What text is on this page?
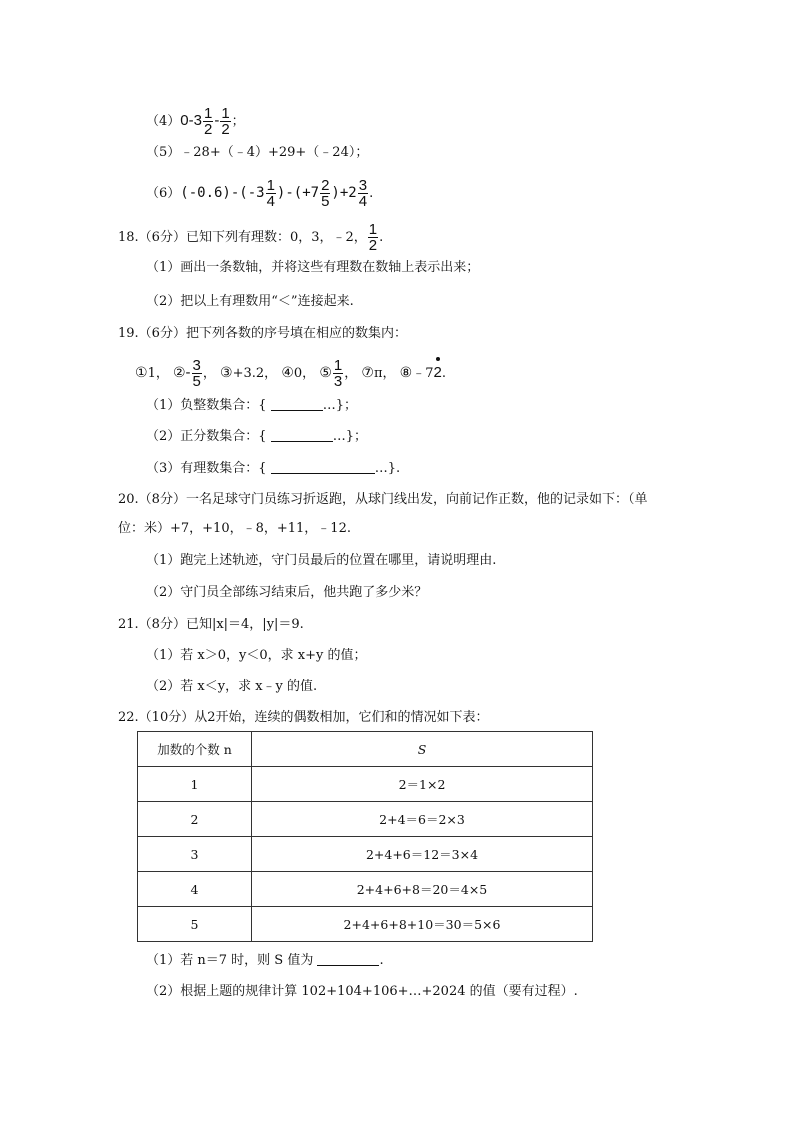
$(4)0-3 \frac{1}{2} - \frac{1}{2}$ ；
（5）﹣28+（﹣4）+29+（﹣24）；
$(6)(-0.6)-(-3 \frac{1}{4} )-(+7 \frac{2}{5} )+2 \frac{3}{4}$ .
18.（6分）已知下列有理数：0，3，﹣2， $\frac{1}{2}$ .
（1）画出一条数轴，并将这些有理数在数轴上表示出来；
（2）把以上有理数用“＜”连接起来.
19.（6分）把下列各数的序号填在相应的数集内：
①1， ②- $\frac{3}{5}$ ， ③+3.2， ④0， ⑤ $\frac{1}{3}$ ， ⑦π， ⑧﹣72.
（1）负整数集合：{	…}；
（2）正分数集合：{	…}；
（3）有理数集合：{	…}.
20.（8分）一名足球守门员练习折返跑，从球门线出发，向前记作正数，他的记录如下：（单
位：米）+7，+10，﹣8，+11，﹣12.
（1）跑完上述轨迹，守门员最后的位置在哪里，请说明理由.
（2）守门员全部练习结束后，他共跑了多少米？
21.（8分）已知|x|＝4，|y|＝9.
（1）若 x＞0，y＜0，求 x+y 的值；
（2）若 x＜y，求 x﹣y 的值.
22.（10分）从2开始，连续的偶数相加，它们和的情况如下表：
加数的个数 n	S
1	2＝1×2
2	2+4＝6＝2×3
3	2+4+6＝12＝3×4
4	2+4+6+8＝20＝4×5
5	2+4+6+8+10＝30＝5×6
（1）若 n＝7 时，则 S 值为	.
（2）根据上题的规律计算 102+104+106+…+2024 的值（要有过程）.
